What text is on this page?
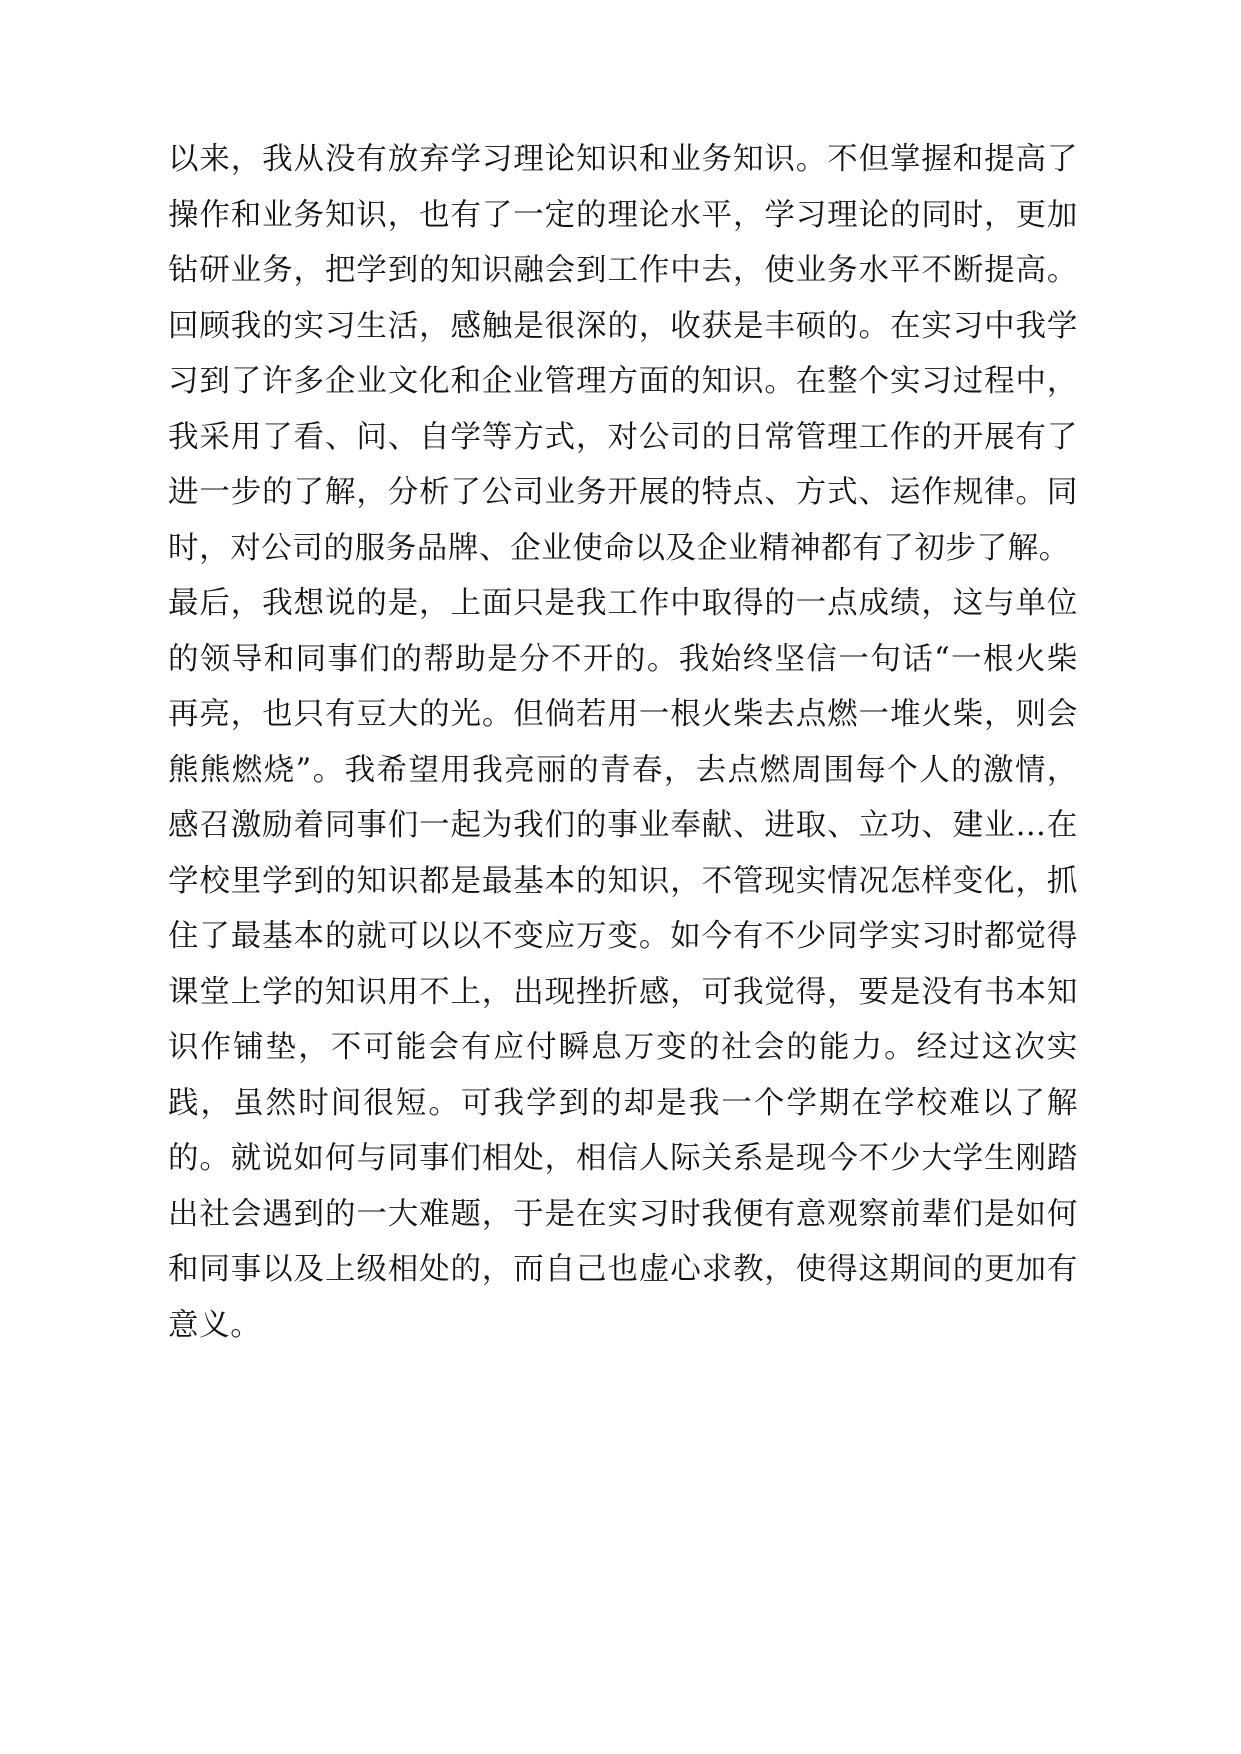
以来，我从没有放弃学习理论知识和业务知识。不但掌握和提高了操作和业务知识，也有了一定的理论水平，学习理论的同时，更加钻研业务，把学到的知识融会到工作中去，使业务水平不断提高。  回顾我的实习生活，感触是很深的，收获是丰硕的。在实习中我学习到了许多企业文化和企业管理方面的知识。在整个实习过程中，我采用了看、问、自学等方式，对公司的日常管理工作的开展有了进一步的了解，分析了公司业务开展的特点、方式、运作规律。同时，对公司的服务品牌、企业使命以及企业精神都有了初步了解。

最后，我想说的是，上面只是我工作中取得的一点成绩，这与单位的领导和同事们的帮助是分不开的。我始终坚信一句话“一根火柴再亮，也只有豆大的光。但倘若用一根火柴去点燃一堆火柴，则会熊熊燃烧”。我希望用我亮丽的青春，去点燃周围每个人的激情，感召激励着同事们一起为我们的事业奉献、进取、立功、建业…在学校里学到的知识都是最基本的知识，不管现实情况怎样变化，抓住了最基本的就可以以不变应万变。如今有不少同学实习时都觉得课堂上学的知识用不上，出现挫折感，可我觉得，要是没有书本知识作铺垫，不可能会有应付瞬息万变的社会的能力。经过这次实践，虽然时间很短。可我学到的却是我一个学期在学校难以了解的。就说如何与同事们相处，相信人际关系是现今不少大学生刚踏出社会遇到的一大难题，于是在实习时我便有意观察前辈们是如何和同事以及上级相处的，而自己也虚心求教，使得这期间的更加有意义。
